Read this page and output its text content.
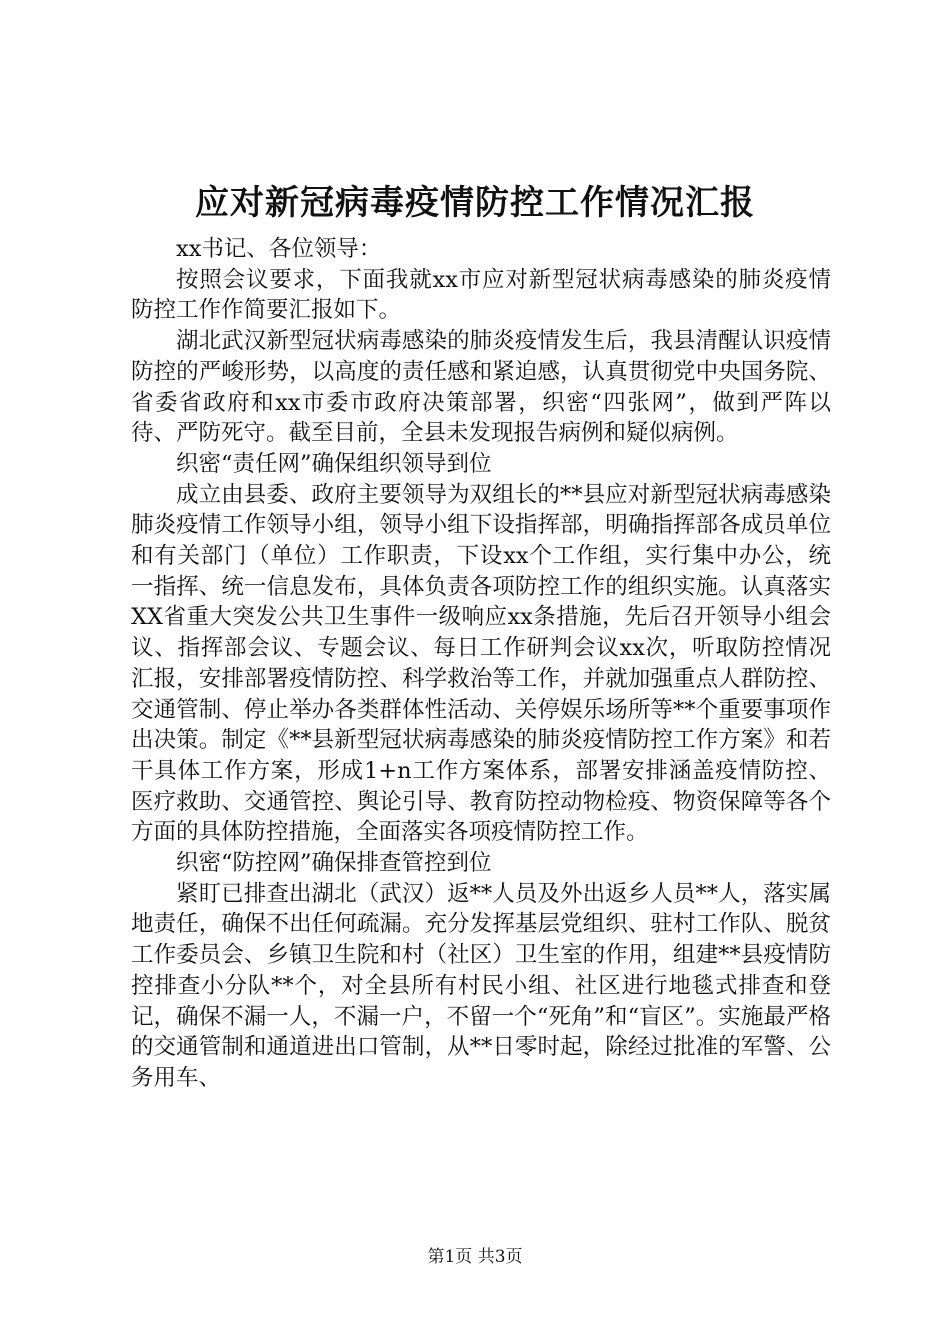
应对新冠病毒疫情防控工作情况汇报

xx书记、各位领导：

按照会议要求，下面我就xx市应对新型冠状病毒感染的肺炎疫情防控工作作简要汇报如下。

湖北武汉新型冠状病毒感染的肺炎疫情发生后，我县清醒认识疫情防控的严峻形势，以高度的责任感和紧迫感，认真贯彻党中央国务院、省委省政府和xx市委市政府决策部署，织密“四张网”，做到严阵以待、严防死守。截至目前，全县未发现报告病例和疑似病例。

织密“责任网”确保组织领导到位

成立由县委、政府主要领导为双组长的**县应对新型冠状病毒感染肺炎疫情工作领导小组，领导小组下设指挥部，明确指挥部各成员单位和有关部门（单位）工作职责，下设xx个工作组，实行集中办公，统一指挥、统一信息发布，具体负责各项防控工作的组织实施。认真落实XX省重大突发公共卫生事件一级响应xx条措施，先后召开领导小组会议、指挥部会议、专题会议、每日工作研判会议xx次，听取防控情况汇报，安排部署疫情防控、科学救治等工作，并就加强重点人群防控、交通管制、停止举办各类群体性活动、关停娱乐场所等**个重要事项作出决策。制定《**县新型冠状病毒感染的肺炎疫情防控工作方案》和若干具体工作方案，形成1+n工作方案体系，部署安排涵盖疫情防控、医疗救助、交通管控、舆论引导、教育防控动物检疫、物资保障等各个方面的具体防控措施，全面落实各项疫情防控工作。

织密“防控网”确保排查管控到位

紧盯已排查出湖北（武汉）返**人员及外出返乡人员**人，落实属地责任，确保不出任何疏漏。充分发挥基层党组织、驻村工作队、脱贫工作委员会、乡镇卫生院和村（社区）卫生室的作用，组建**县疫情防控排查小分队**个，对全县所有村民小组、社区进行地毯式排查和登记，确保不漏一人，不漏一户，不留一个“死角”和“盲区”。实施最严格的交通管制和通道进出口管制，从**日零时起，除经过批准的军警、公务用车、

第1页 共3页
